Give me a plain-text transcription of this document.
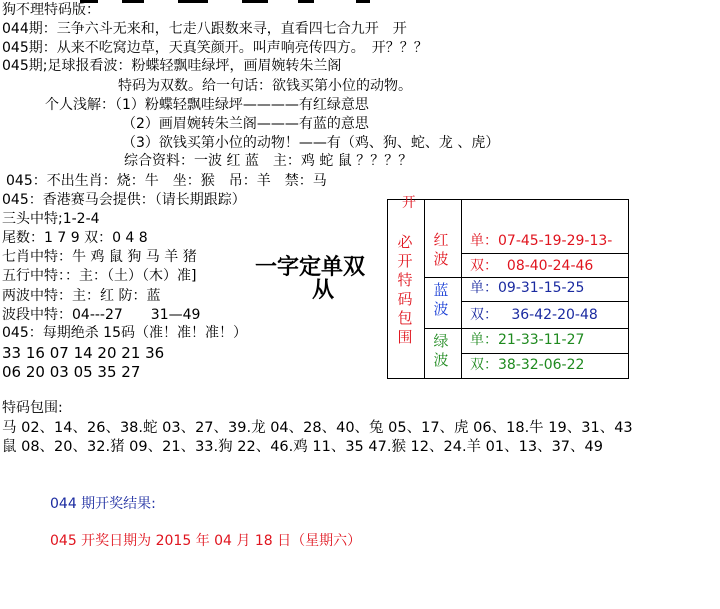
狗不理特码版：
044期：三争六斗无来和，七走八跟数来寻，直看四七合九开　开
045期：从来不吃窝边草，天真笑颜开。叫声响亮传四方。　开？？？
045期;足球报看波：粉蝶轻飘哇绿坪，画眉婉转朱兰阁
特码为双数。给一句话：欲钱买第小位的动物。
个人浅解：（1）粉蝶轻飘哇绿坪————有红绿意思
（2）画眉婉转朱兰阁———有蓝的意思
（3）欲钱买第小位的动物！——有（鸡、狗、蛇、龙 、虎）
综合资料：一波 红 蓝　主：鸡 蛇 鼠 ？？？？
045：不出生肖：烧：牛　坐：猴　吊：羊　禁：马
045：香港赛马会提供：（请长期跟踪）
三头中特;1-2-4
尾数：1 7 9 双：0 4 8
七肖中特：牛 鸡 鼠 狗 马 羊 猪
五行中特：：主：（土）（木）准]
两波中特：主：红 防：蓝
波段中特：04---27　　31—49
045：每期绝杀 15码（准！准！准！）
33 16 07 14 20 21 36
06 20 03 05 35 27
一字定单双
从
开
必开特码包围
红波
蓝波
绿波
单：07-45-19-29-13-
双： 08-40-24-46
单：09-31-15-25
双： 36-42-20-48
单：21-33-11-27
双：38-32-06-22
特码包围:
马 02、14、26、38.蛇 03、27、39.龙 04、28、40、兔 05、17、虎 06、18.牛 19、31、43
鼠 08、20、32.猪 09、21、33.狗 22、46.鸡 11、35 47.猴 12、24.羊 01、13、37、49
044 期开奖结果:
045 开奖日期为 2015 年 04 月 18 日（星期六）
